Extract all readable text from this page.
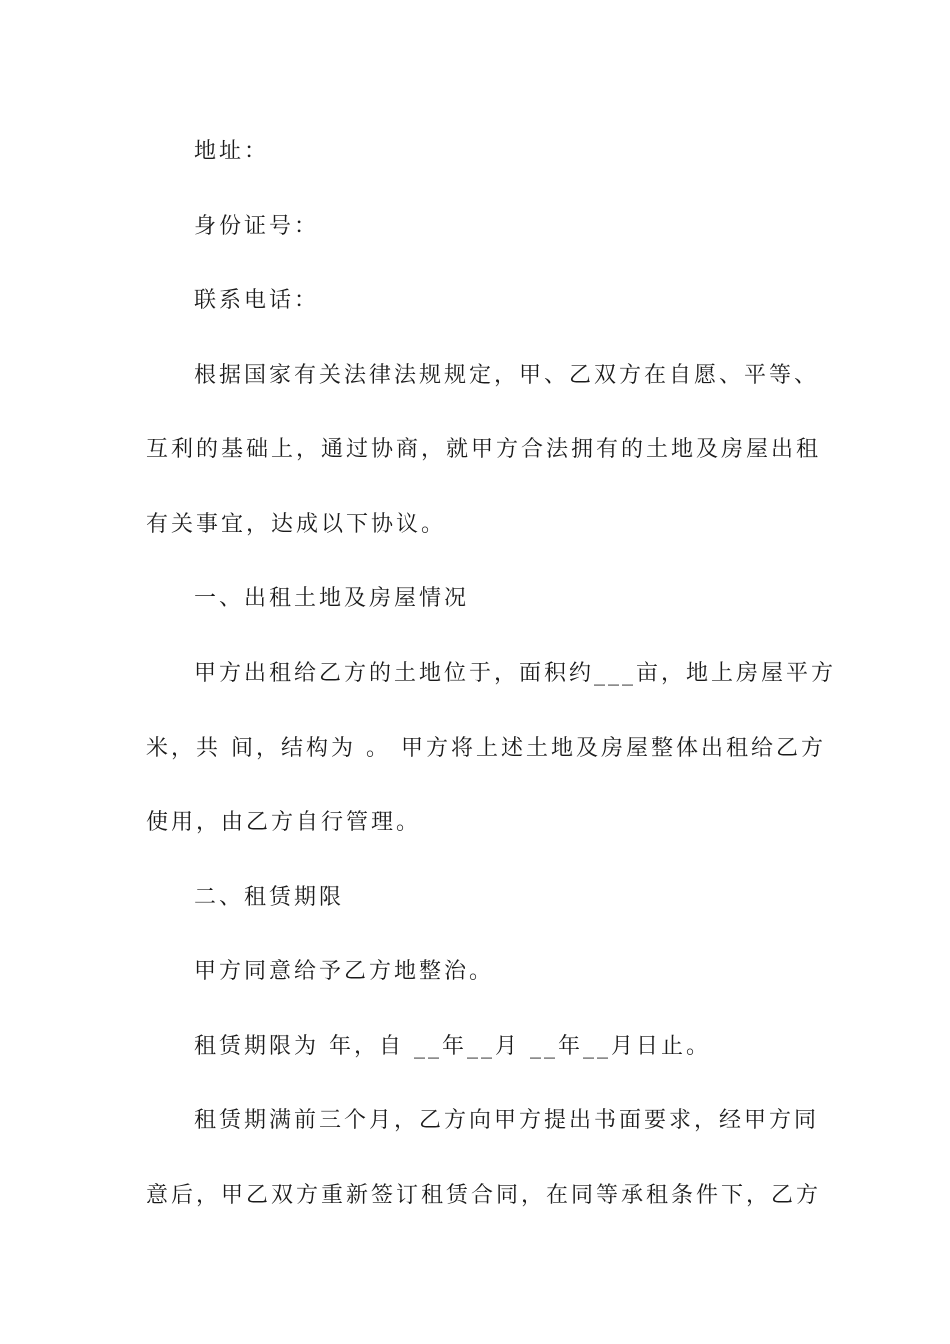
地址：
身份证号：
联系电话：
根据国家有关法律法规规定，甲、乙双方在自愿、平等、
互利的基础上，通过协商，就甲方合法拥有的土地及房屋出租
有关事宜，达成以下协议。
一、出租土地及房屋情况
甲方出租给乙方的土地位于，面积约___亩，地上房屋平方
米，共 间，结构为 。 甲方将上述土地及房屋整体出租给乙方
使用，由乙方自行管理。
二、租赁期限
甲方同意给予乙方地整治。
租赁期限为 年，自 __年__月 __年__月日止。
租赁期满前三个月，乙方向甲方提出书面要求，经甲方同
意后，甲乙双方重新签订租赁合同，在同等承租条件下，乙方
